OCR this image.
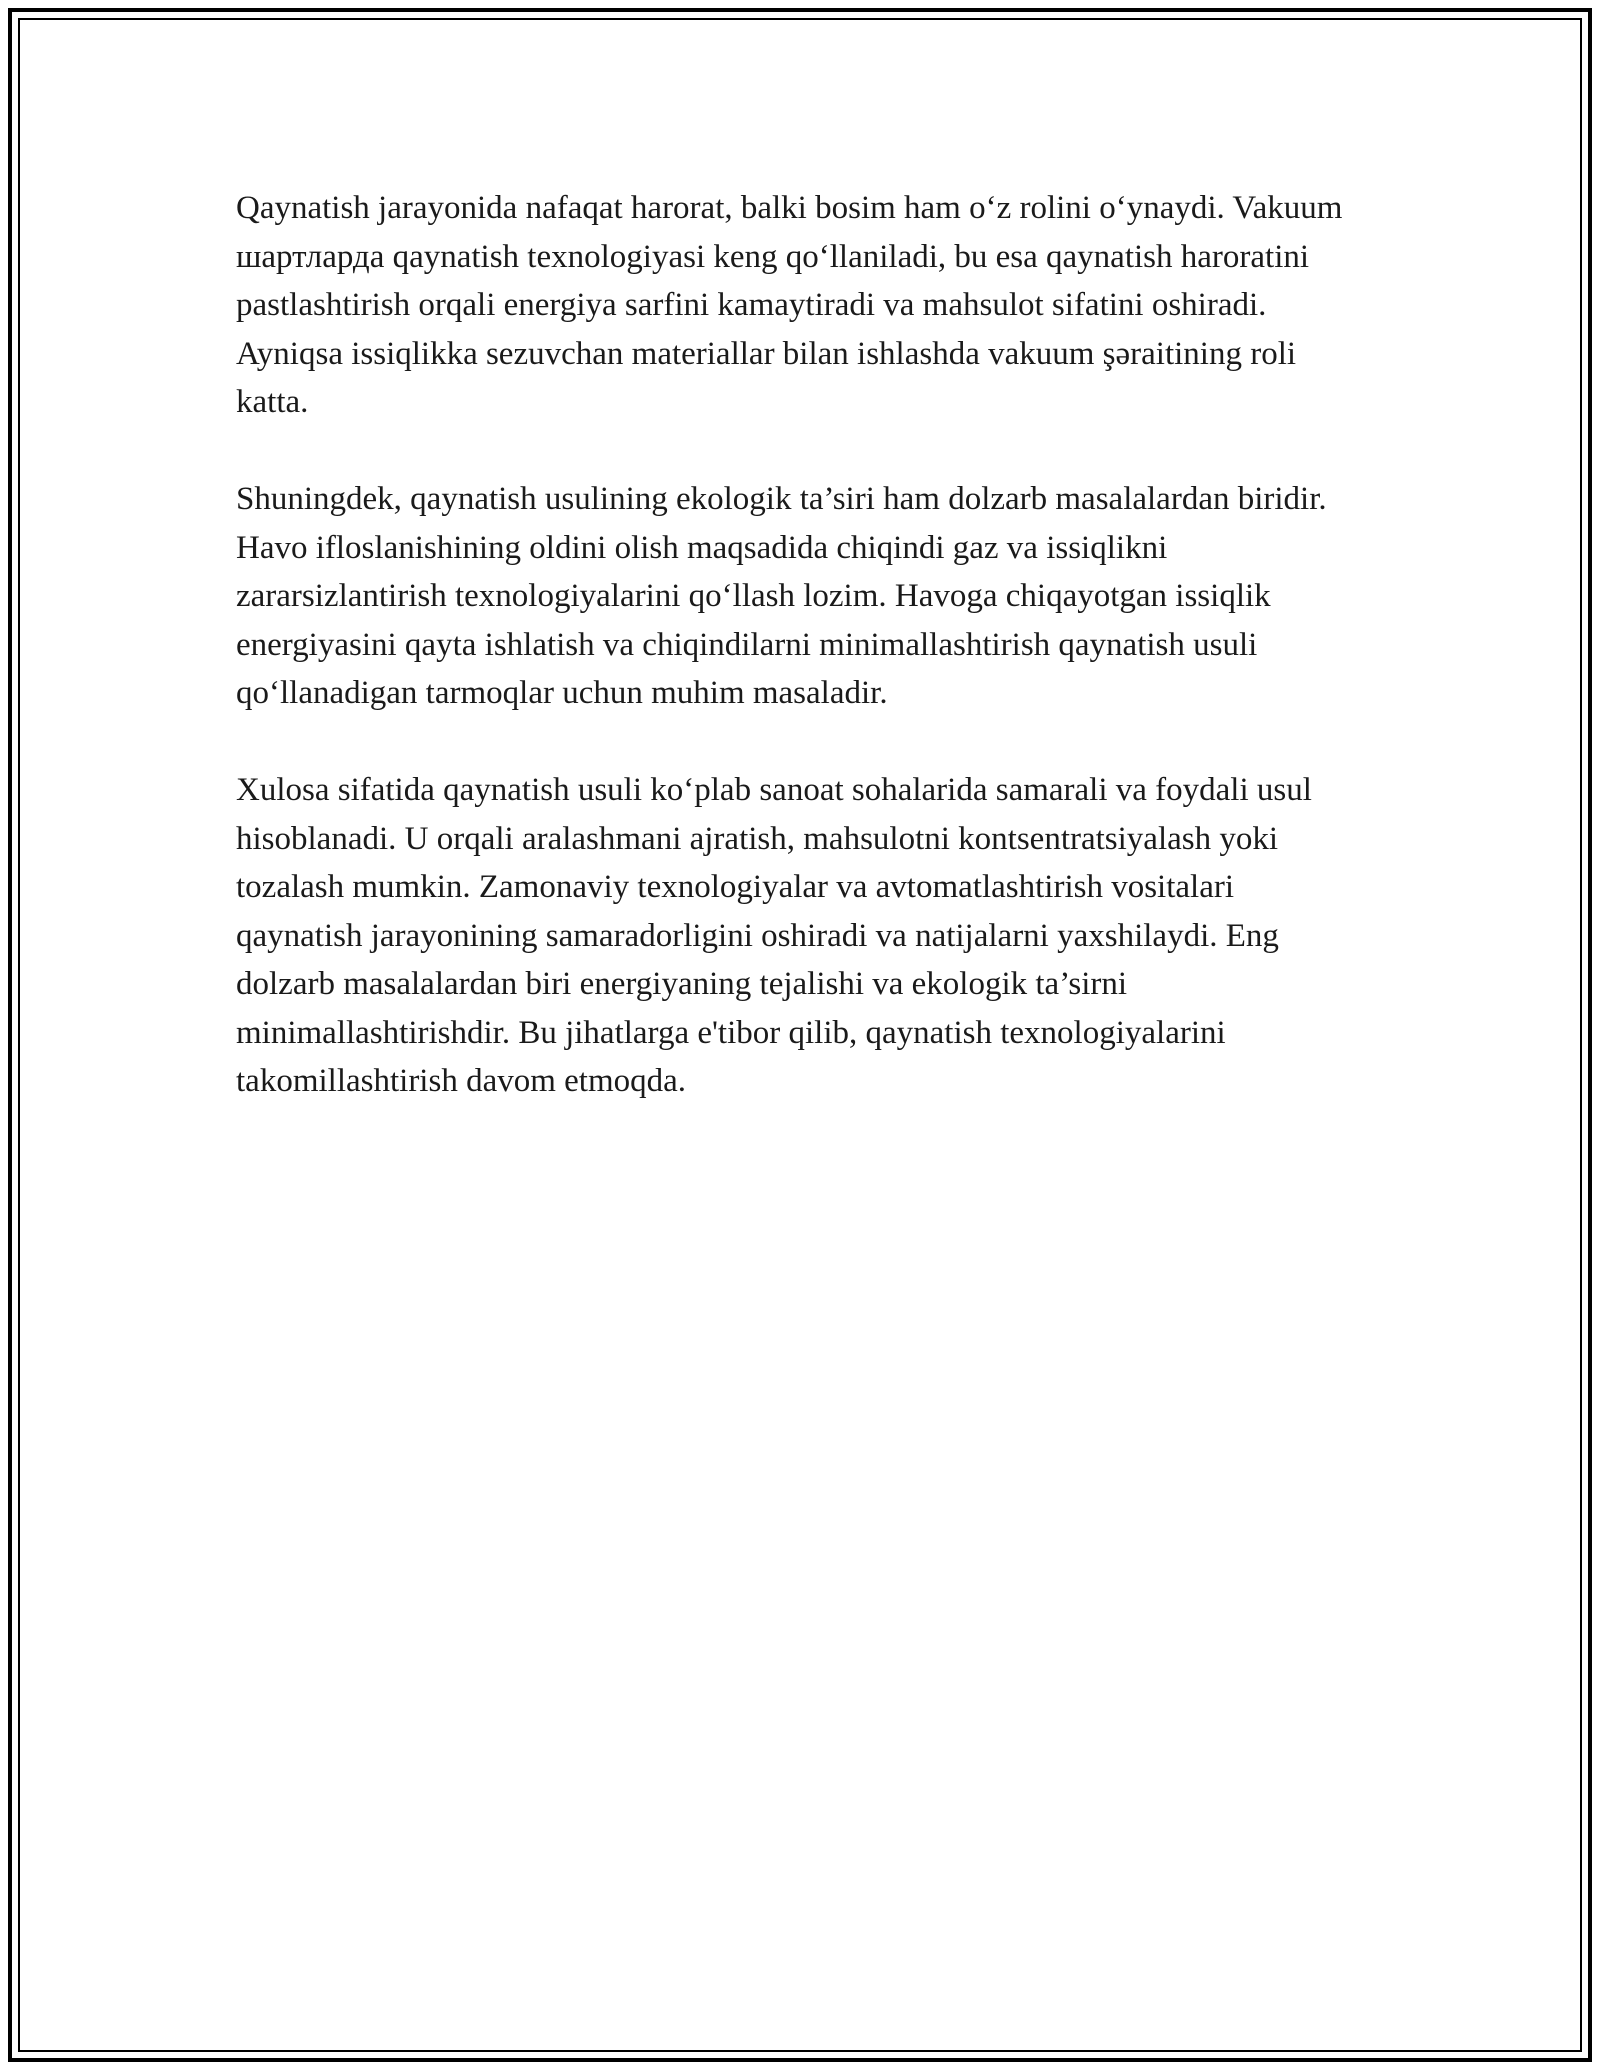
Qaynatish jarayonida nafaqat harorat, balki bosim ham o‘z rolini o‘ynaydi. Vakuum шартларда qaynatish texnologiyasi keng qo‘llaniladi, bu esa qaynatish haroratini pastlashtirish orqali energiya sarfini kamaytiradi va mahsulot sifatini oshiradi. Ayniqsa issiqlikka sezuvchan materiallar bilan ishlashda vakuum şəraitining roli katta.

Shuningdek, qaynatish usulining ekologik ta’siri ham dolzarb masalalardan biridir. Havo ifloslanishining oldini olish maqsadida chiqindi gaz va issiqlikni zararsizlantirish texnologiyalarini qo‘llash lozim. Havoga chiqayotgan issiqlik energiyasini qayta ishlatish va chiqindilarni minimallashtirish qaynatish usuli qo‘llanadigan tarmoqlar uchun muhim masaladir.

Xulosa sifatida qaynatish usuli ko‘plab sanoat sohalarida samarali va foydali usul hisoblanadi. U orqali aralashmani ajratish, mahsulotni kontsentratsiyalash yoki tozalash mumkin. Zamonaviy texnologiyalar va avtomatlashtirish vositalari qaynatish jarayonining samaradorligini oshiradi va natijalarni yaxshilaydi. Eng dolzarb masalalardan biri energiyaning tejalishi va ekologik ta’sirni minimallashtirishdir. Bu jihatlarga e'tibor qilib, qaynatish texnologiyalarini takomillashtirish davom etmoqda.
